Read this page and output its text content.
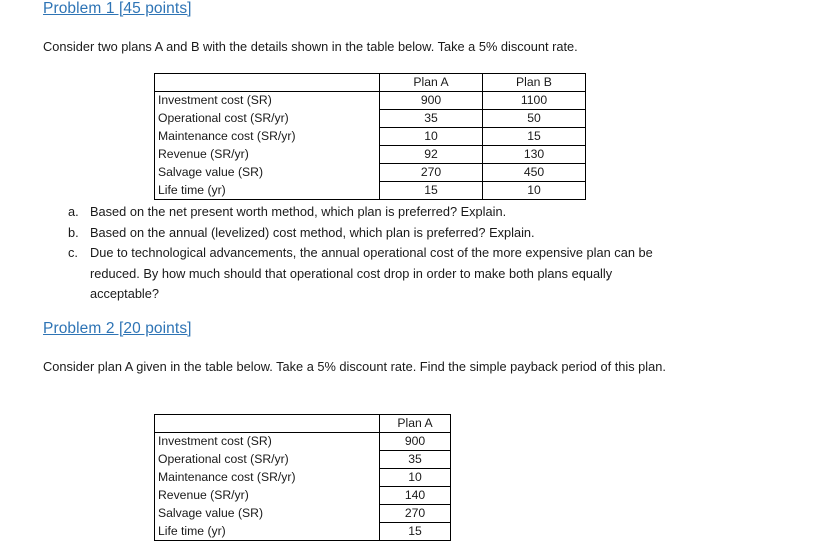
Problem 1 [45 points]

Consider two plans A and B with the details shown in the table below. Take a 5% discount rate.

	Plan A	Plan B
Investment cost (SR)	900	1100
Operational cost (SR/yr)	35	50
Maintenance cost (SR/yr)	10	15
Revenue (SR/yr)	92	130
Salvage value (SR)	270	450
Life time (yr)	15	10
a. Based on the net present worth method, which plan is preferred? Explain.
b. Based on the annual (levelized) cost method, which plan is preferred? Explain.
c. Due to technological advancements, the annual operational cost of the more expensive plan can be reduced. By how much should that operational cost drop in order to make both plans equally acceptable?
Problem 2 [20 points]

Consider plan A given in the table below. Take a 5% discount rate. Find the simple payback period of this plan.

	Plan A
Investment cost (SR)	900
Operational cost (SR/yr)	35
Maintenance cost (SR/yr)	10
Revenue (SR/yr)	140
Salvage value (SR)	270
Life time (yr)	15
